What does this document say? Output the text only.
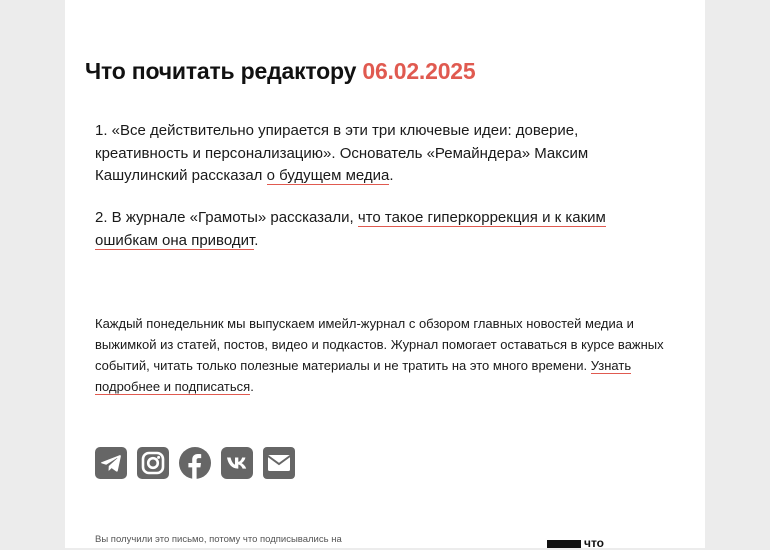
Что почитать редактору 06.02.2025
1. «Все действительно упирается в эти три ключевые идеи: доверие, креативность и персонализацию». Основатель «Ремайндера» Максим Кашулинский рассказал о будущем медиа.
2. В журнале «Грамоты» рассказали, что такое гиперкоррекция и к каким ошибкам она приводит.
Каждый понедельник мы выпускаем имейл-журнал с обзором главных новостей медиа и выжимкой из статей, постов, видео и подкастов. Журнал помогает оставаться в курсе важных событий, читать только полезные материалы и не тратить на это много времени. Узнать подробнее и подписаться.
Вы получили это письмо, потому что подписывались на	что
